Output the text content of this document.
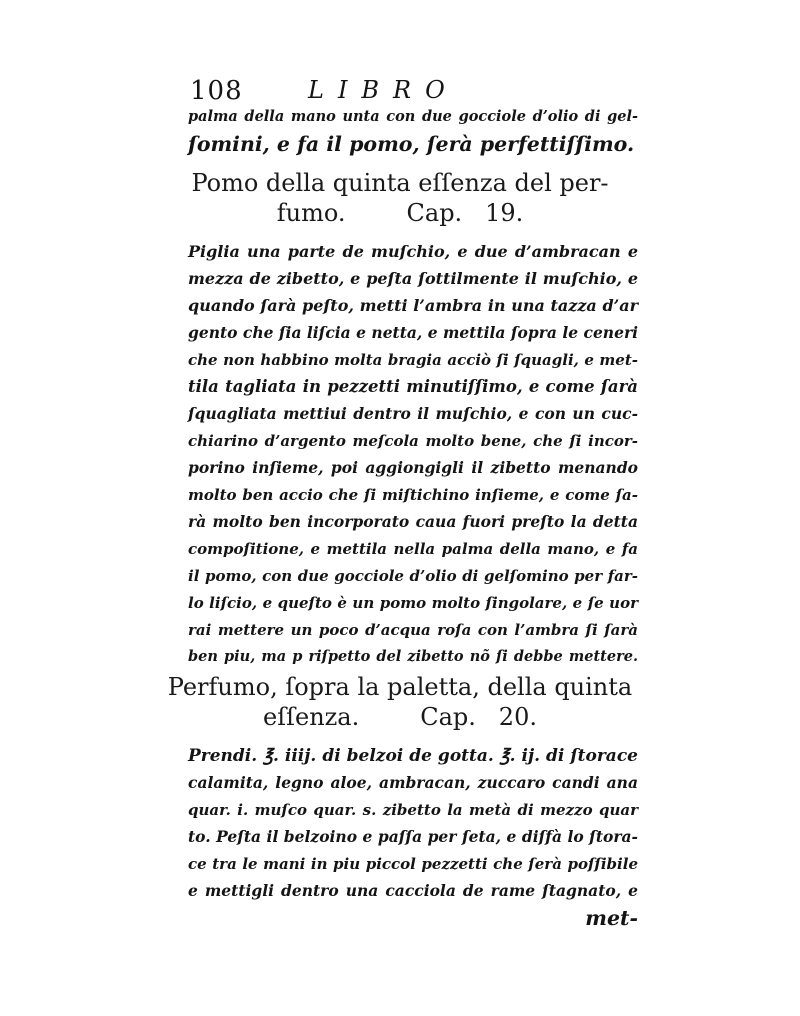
108	LIBRO
palma della mano unta con due gocciole d’olio di gel-
ſomini, e fa il pomo, ſerà perfettiſſimo.
Pomo della quinta eſſenza del per-
fumo.        Cap.   19.
Piglia una parte de muſchio, e due d’ambracan e
mezza de zibetto, e peſta ſottilmente il muſchio, e
quando ſarà peſto, metti l’ambra in una tazza d’ar
gento che ſia liſcia e netta, e mettila ſopra le ceneri
che non habbino molta bragia acciò ſi ſquagli, e met-
tila tagliata in pezzetti minutiſſimo, e come ſarà
ſquagliata mettiui dentro il muſchio, e con un cuc-
chiarino d’argento meſcola molto bene, che ſi incor-
porino inſieme, poi aggiongigli il zibetto menando
molto ben accio che ſi miſtichino inſieme, e come ſa-
rà molto ben incorporato caua fuori preſto la detta
compoſitione, e mettila nella palma della mano, e fa
il pomo, con due gocciole d’olio di gelſomino per far-
lo liſcio, e queſto è un pomo molto ſingolare, e ſe uor
rai mettere un poco d’acqua roſa con l’ambra ſi ſarà
ben piu, ma p riſpetto del zibetto nõ ſi debbe mettere.
Perfumo, ſopra la paletta, della quinta
eſſenza.        Cap.   20.
Prendi. ℥. iiij. di belzoi de gotta. ℥. ij. di ſtorace
calamita, legno aloe, ambracan, zuccaro candi ana
quar. i. muſco quar. s. zibetto la metà di mezzo quar
to. Peſta il belzoino e paſſa per ſeta, e diſfà lo ſtora-
ce tra le mani in piu piccol pezzetti che ſerà poſſibile
e mettigli dentro una cacciola de rame ſtagnato, e
met-
